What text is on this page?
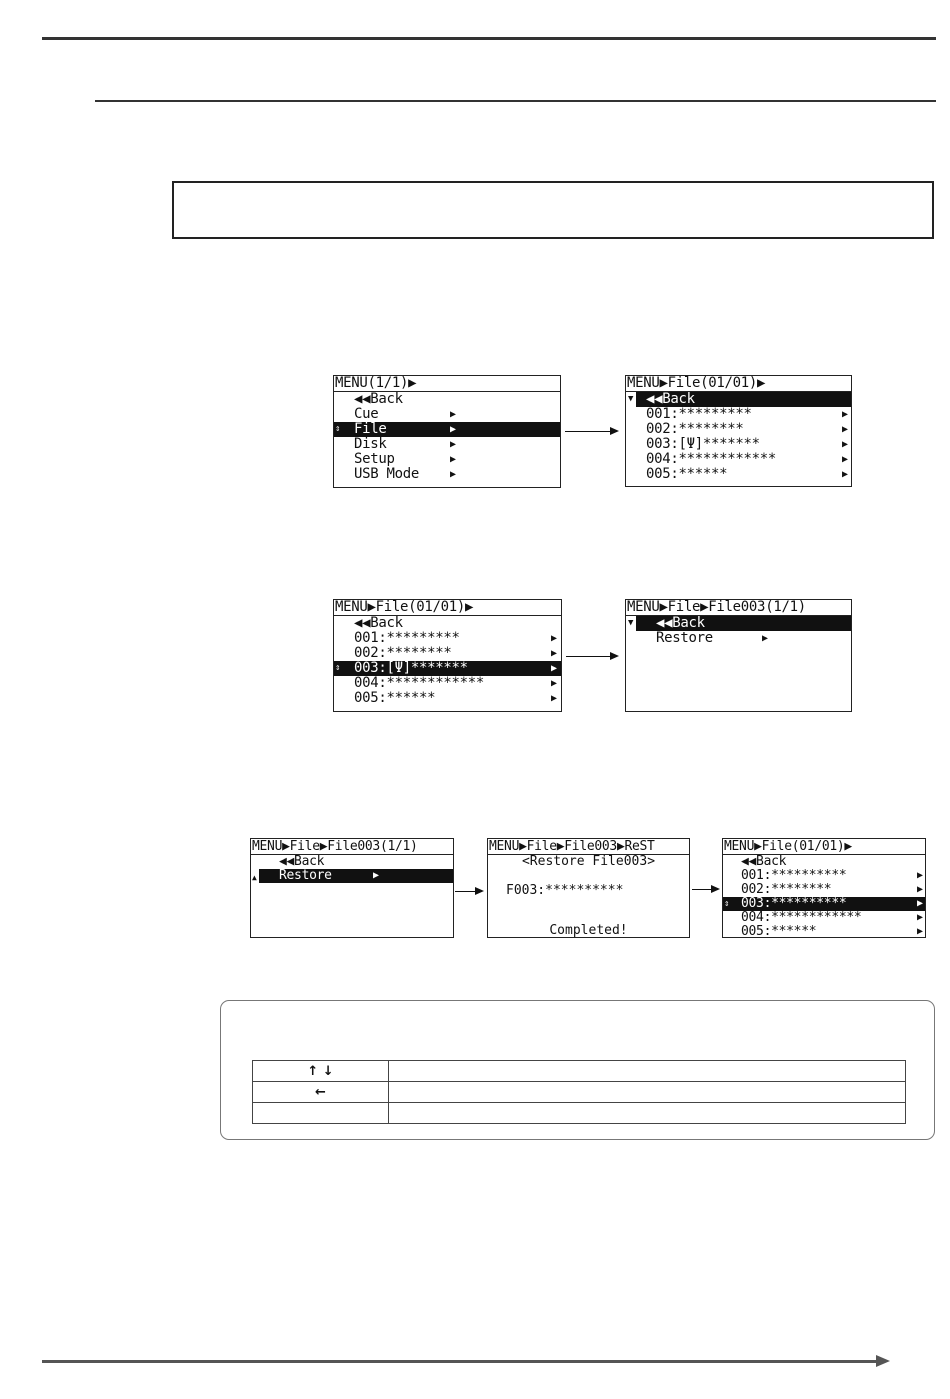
MENU(1/1)▶
◀◀Back
Cue	▶
⇕ File	▶
Disk	▶
Setup	▶
USB Mode	▶
MENU▶File(01/01)▶
◀◀Back
001:*********	▶
002:********	▶
003:[Ψ]*******	▶
004:************	▶
005:******	▶
▼
MENU▶File(01/01)▶
◀◀Back
001:*********	▶
002:********	▶
⇕ 003:[Ψ]*******	▶
004:************	▶
005:******	▶
MENU▶File▶File003(1/1)
◀◀Back
Restore	▶
▼
MENU▶File▶File003(1/1)
◀◀Back
Restore	▶
▲
MENU▶File▶File003▶ReST
<Restore File003>
F003:**********
Completed!
MENU▶File(01/01)▶
◀◀Back
001:**********	▶
002:********	▶
⇕ 003:**********	▶
004:************	▶
005:******	▶
↑ ↓	
←	
